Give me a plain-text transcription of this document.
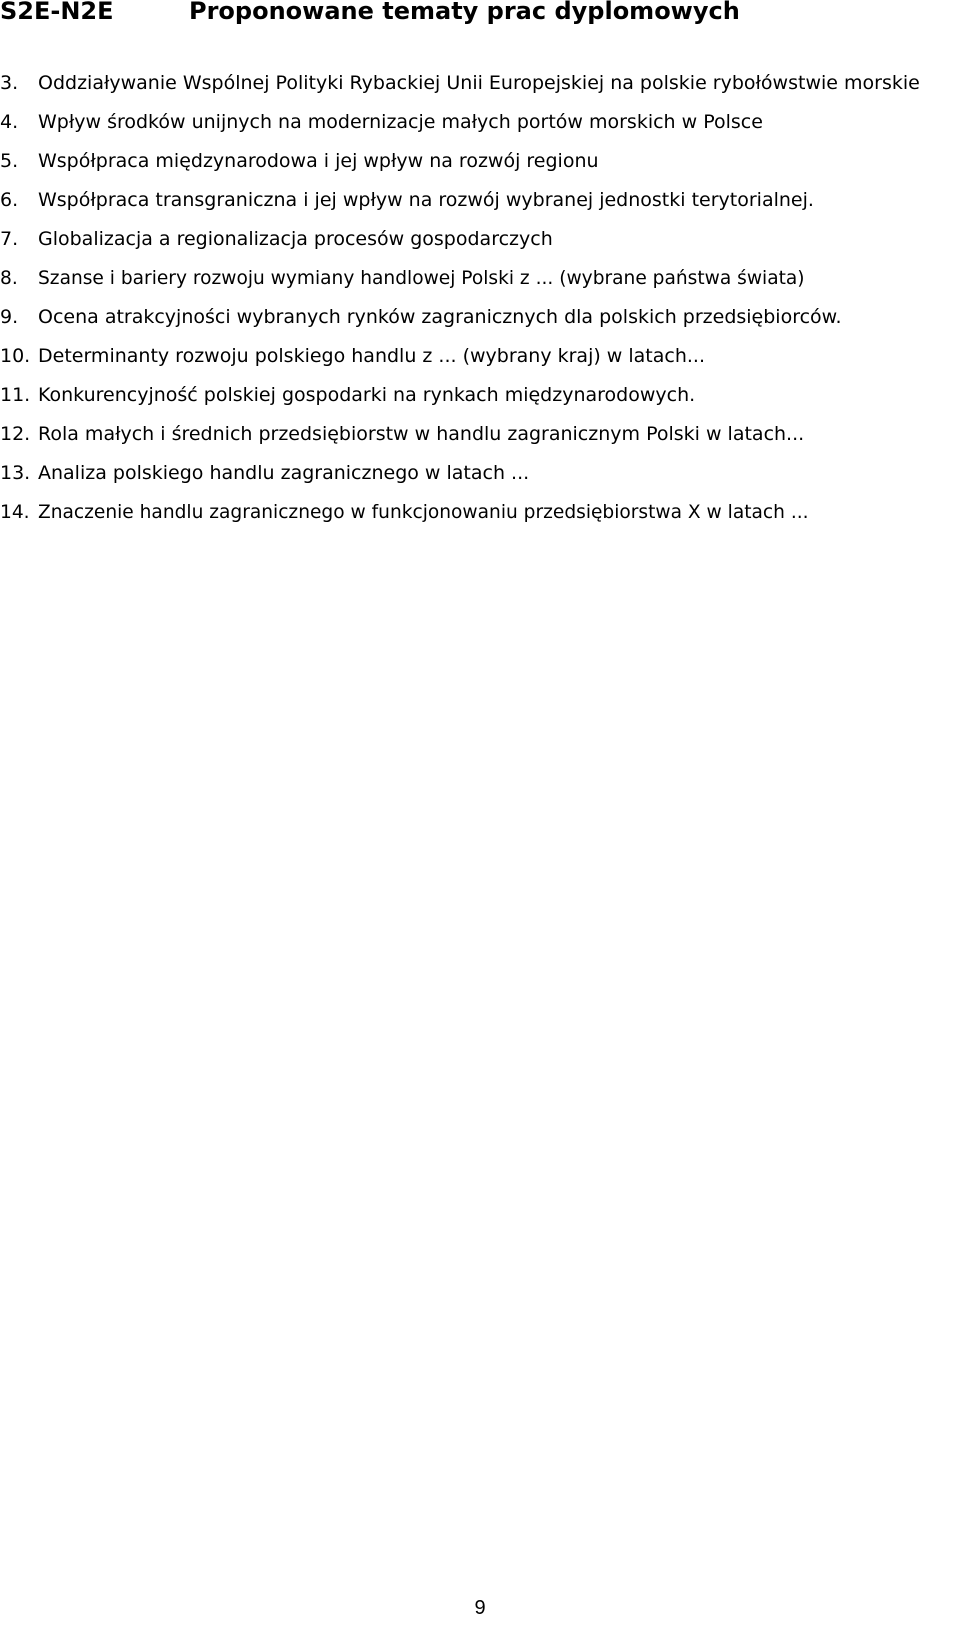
S2E-N2E	Proponowane tematy prac dyplomowych
3. Oddziaływanie Wspólnej Polityki Rybackiej Unii Europejskiej na polskie rybołówstwie morskie
4. Wpływ środków unijnych na modernizacje małych portów morskich w Polsce
5. Współpraca międzynarodowa i jej wpływ na rozwój regionu
6. Współpraca transgraniczna i jej wpływ na rozwój wybranej jednostki terytorialnej.
7. Globalizacja a regionalizacja procesów gospodarczych
8. Szanse i bariery rozwoju wymiany handlowej Polski z ... (wybrane państwa świata)
9. Ocena atrakcyjności wybranych rynków zagranicznych dla polskich przedsiębiorców.
10. Determinanty rozwoju polskiego handlu z ... (wybrany kraj) w latach...
11. Konkurencyjność polskiej gospodarki na rynkach międzynarodowych.
12. Rola małych i średnich przedsiębiorstw w handlu zagranicznym Polski w latach...
13. Analiza polskiego handlu zagranicznego w latach ...
14. Znaczenie handlu zagranicznego w funkcjonowaniu przedsiębiorstwa X w latach ...
9
